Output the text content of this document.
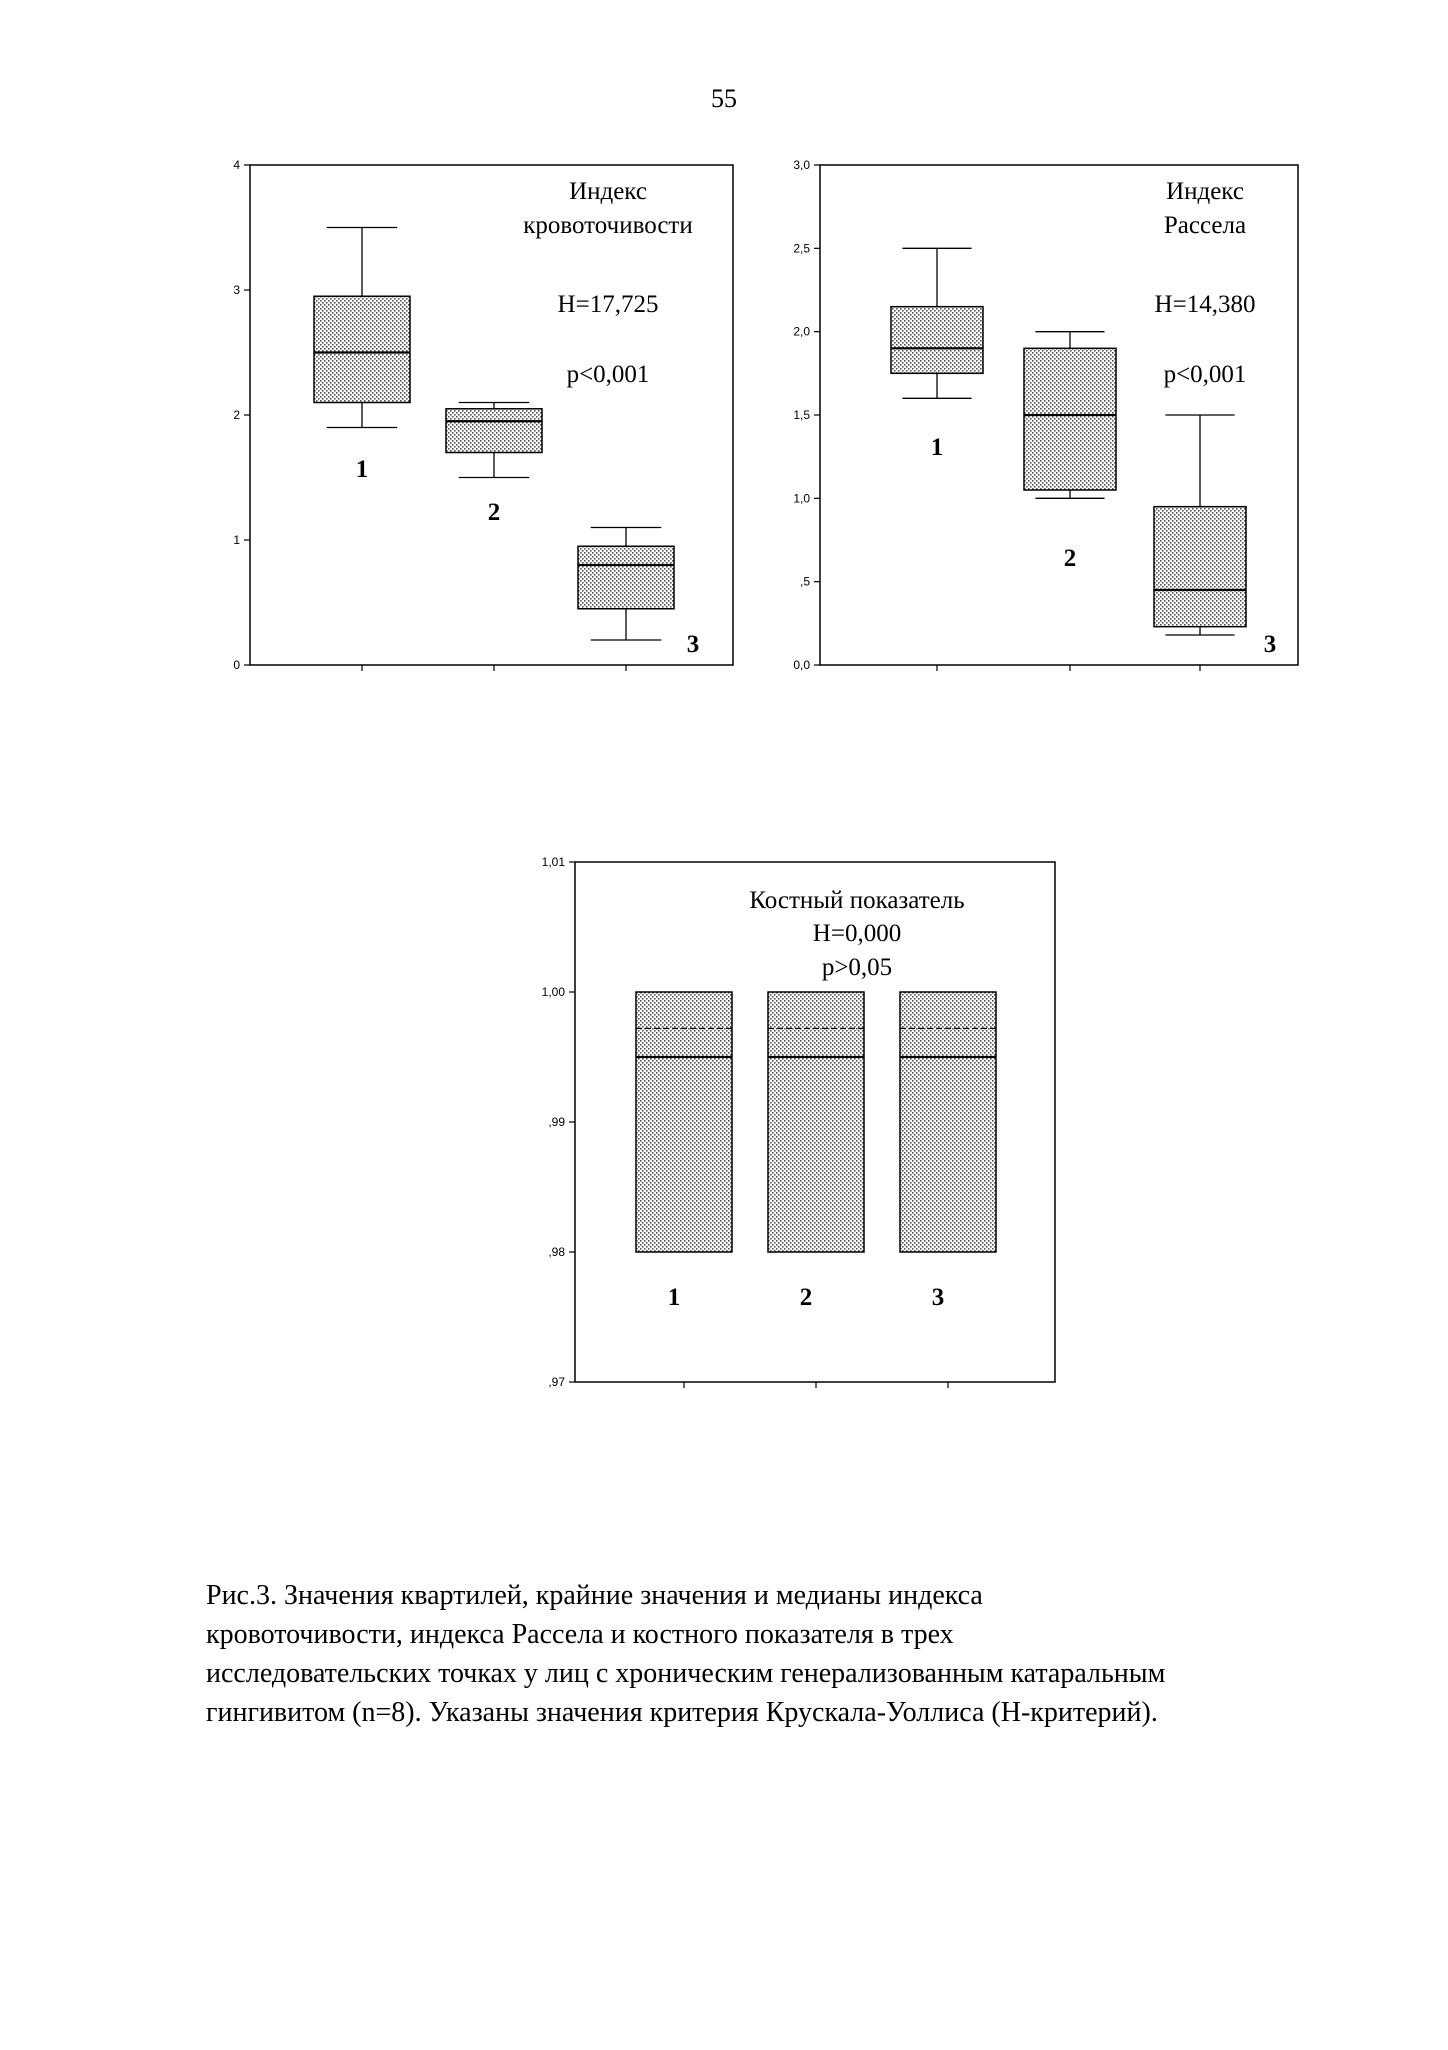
55
0
1
2
3
4
Индекс
кровоточивости
H=17,725
p<0,001
1
2
3
0,0
,5
1,0
1,5
2,0
2,5
3,0
Индекс
Рассела
H=14,380
p<0,001
1
2
3
,97
,98
,99
1,00
1,01
Костный показатель
H=0,000
p>0,05
1	2	3
Рис.3. Значения квартилей, крайние значения и медианы индекса
кровоточивости, индекса Рассела и костного показателя в трех
исследовательских точках у лиц с хроническим генерализованным катаральным
гингивитом (n=8). Указаны значения критерия Крускала-Уоллиса (H-критерий).
